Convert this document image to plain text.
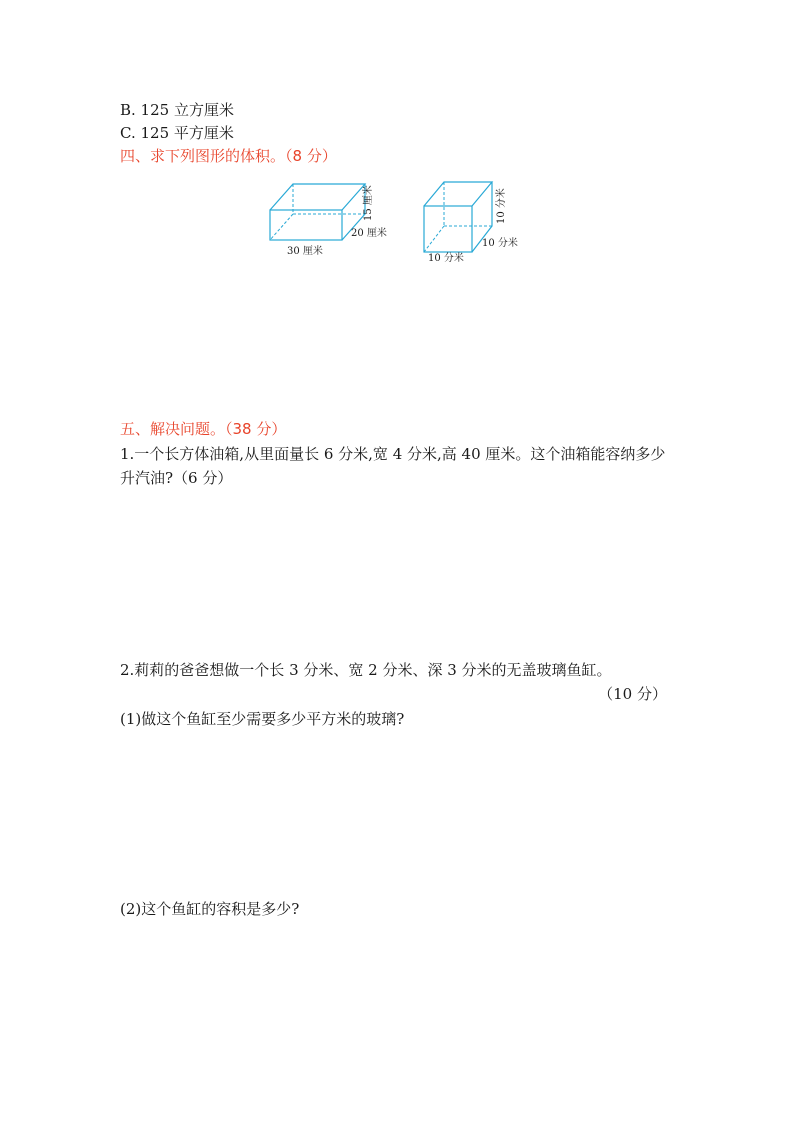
B. 125 立方厘米
C. 125 平方厘米
四、求下列图形的体积。（8 分）
15 厘米
20 厘米
30 厘米
10 分米
10 分米
10 分米
五、解决问题。（38 分）
1.一个长方体油箱,从里面量长 6 分米,宽 4 分米,高 40 厘米。这个油箱能容纳多少
升汽油?（6 分）
2.莉莉的爸爸想做一个长 3 分米、宽 2 分米、深 3 分米的无盖玻璃鱼缸。
（10 分）
(1)做这个鱼缸至少需要多少平方米的玻璃?
(2)这个鱼缸的容积是多少?
